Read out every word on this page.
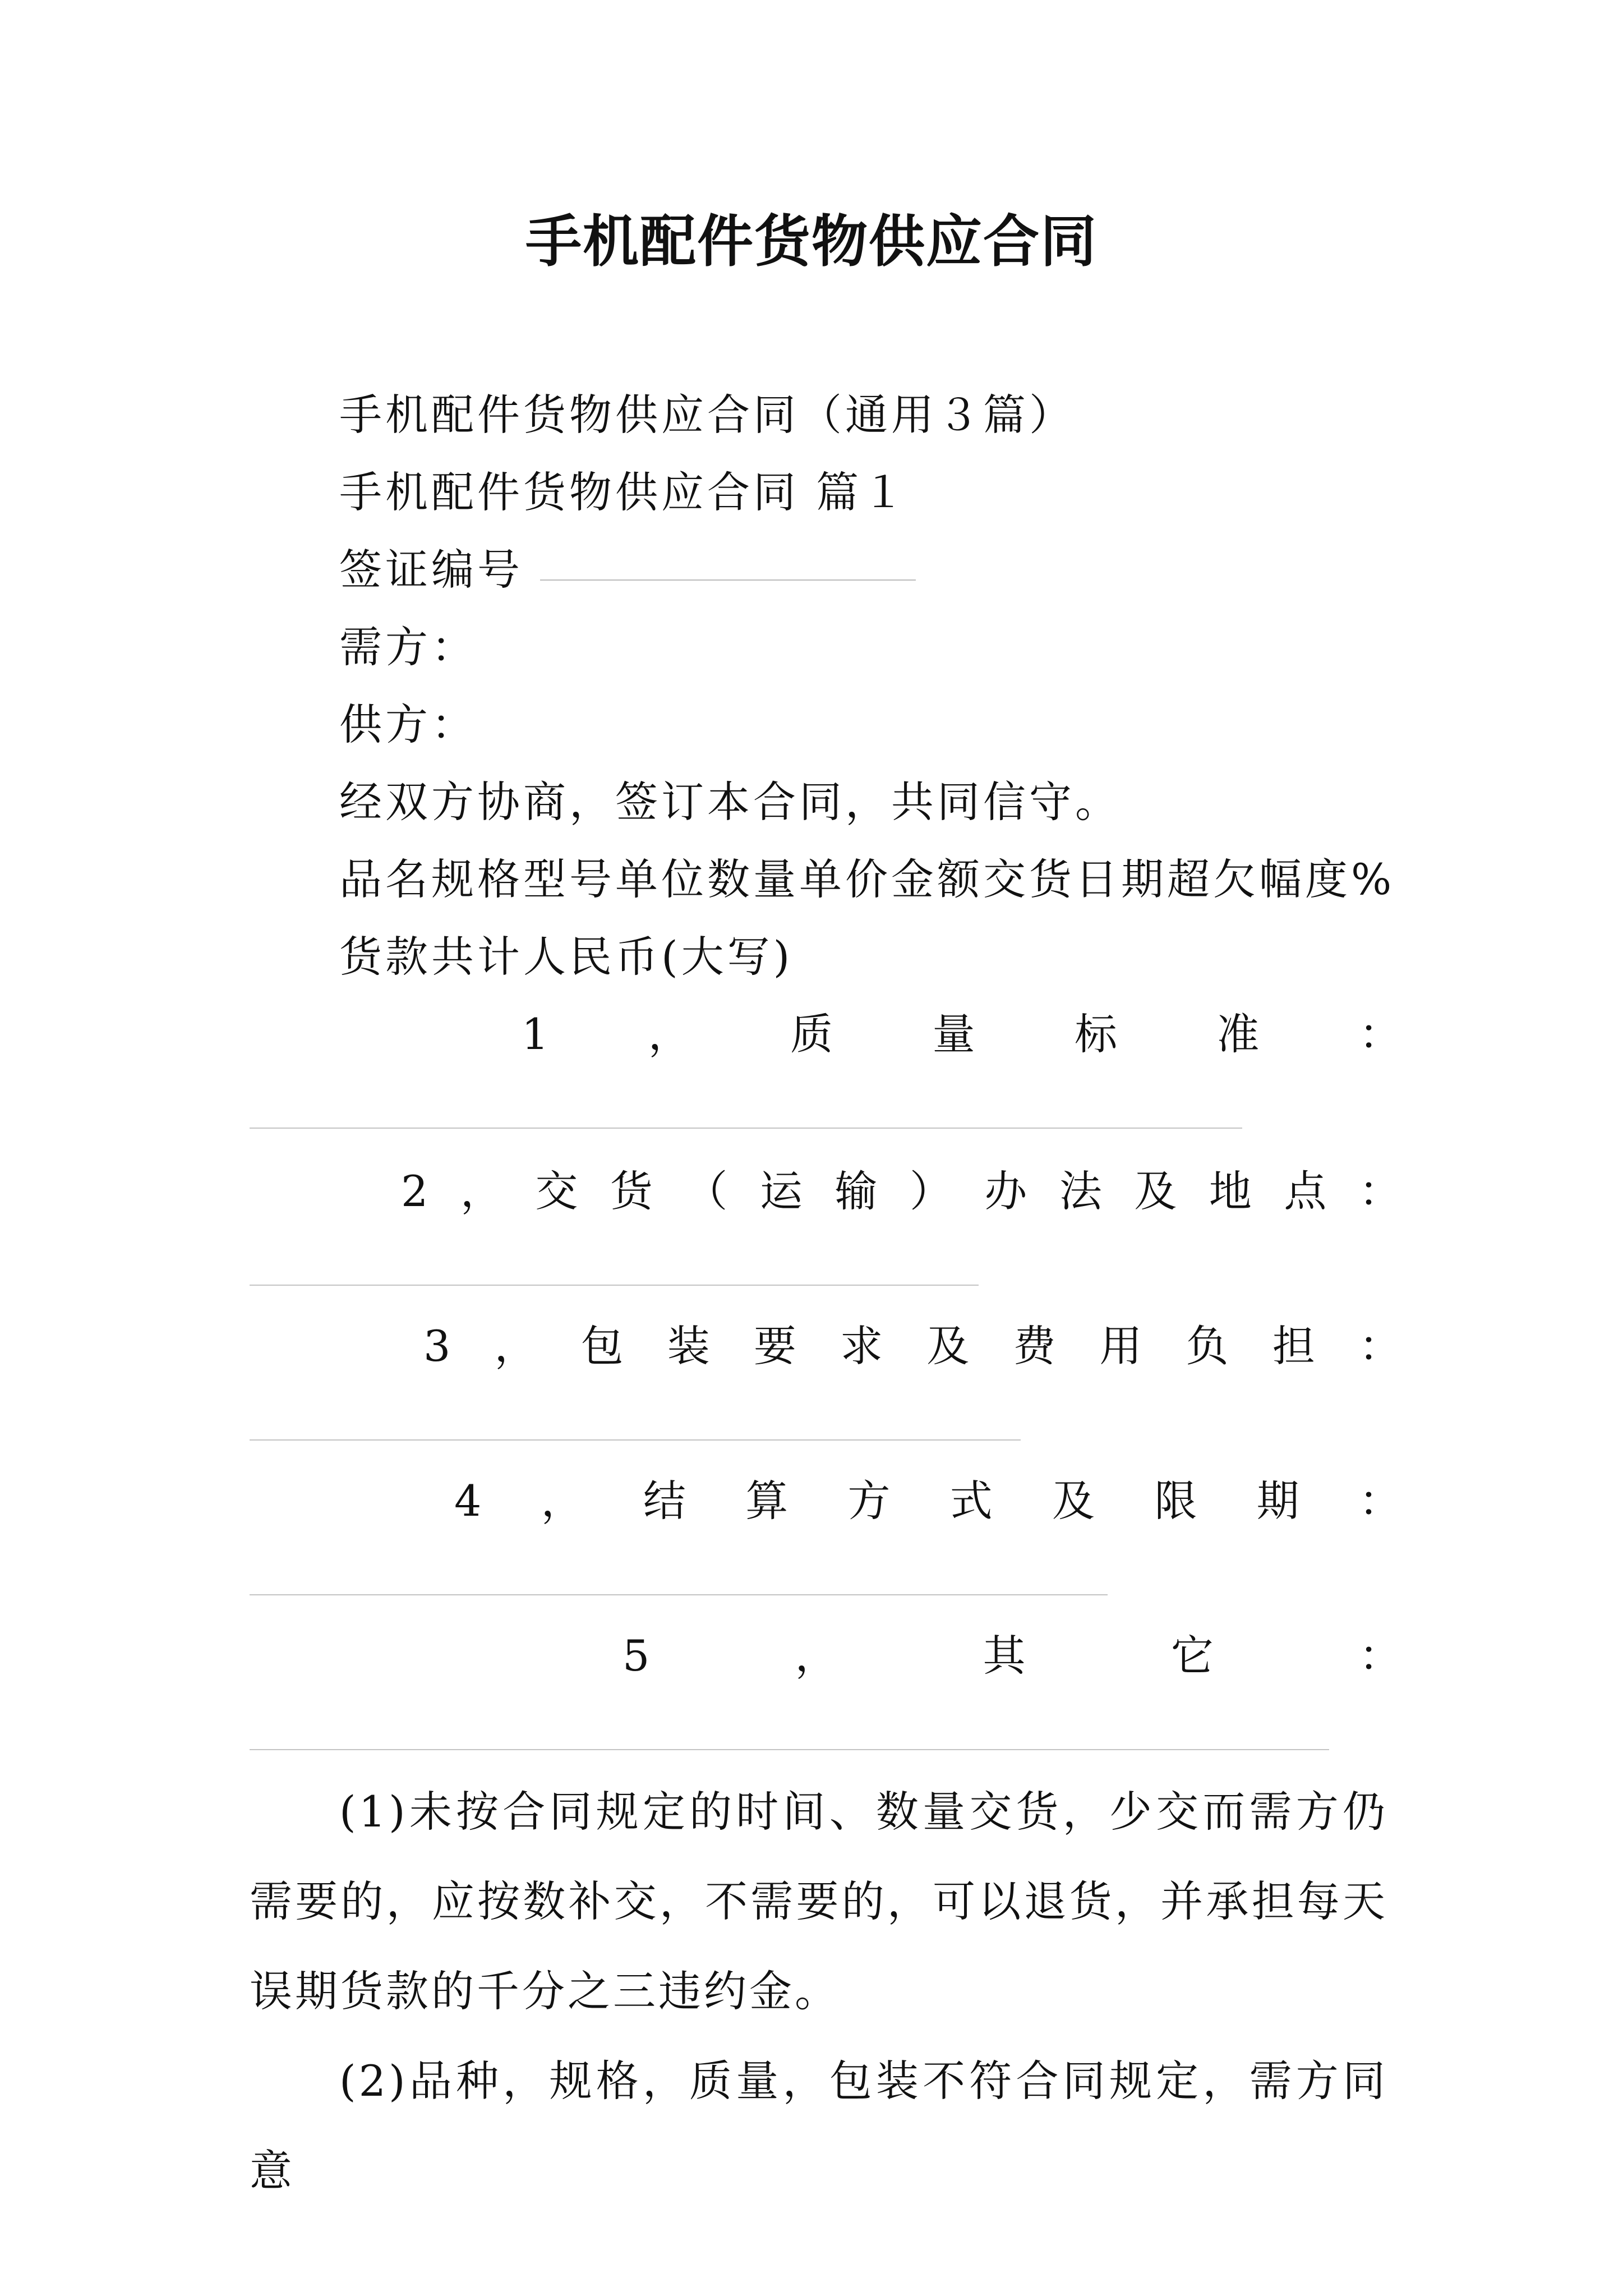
手机配件货物供应合同
手机配件货物供应合同（通用３篇）
手机配件货物供应合同 篇１
签证编号
需方：
供方：
经双方协商，签订本合同，共同信守。
品名规格型号单位数量单价金额交货日期超欠幅度%
货款共计人民币(大写)
1 ， 质 量 标 准 ：
2 ， 交 货 （ 运 输 ） 办 法 及 地 点 ：
3 ， 包 装 要 求 及 费 用 负 担 ：
4 ， 结 算 方 式 及 限 期 ：
5	，	其	它	：
(1)未按合同规定的时间、数量交货，少交而需方仍需要的，应按数补交，不需要的，可以退货，并承担每天误期货款的千分之三违约金。
(2)品种，规格，质量，包装不符合同规定，需方同意
